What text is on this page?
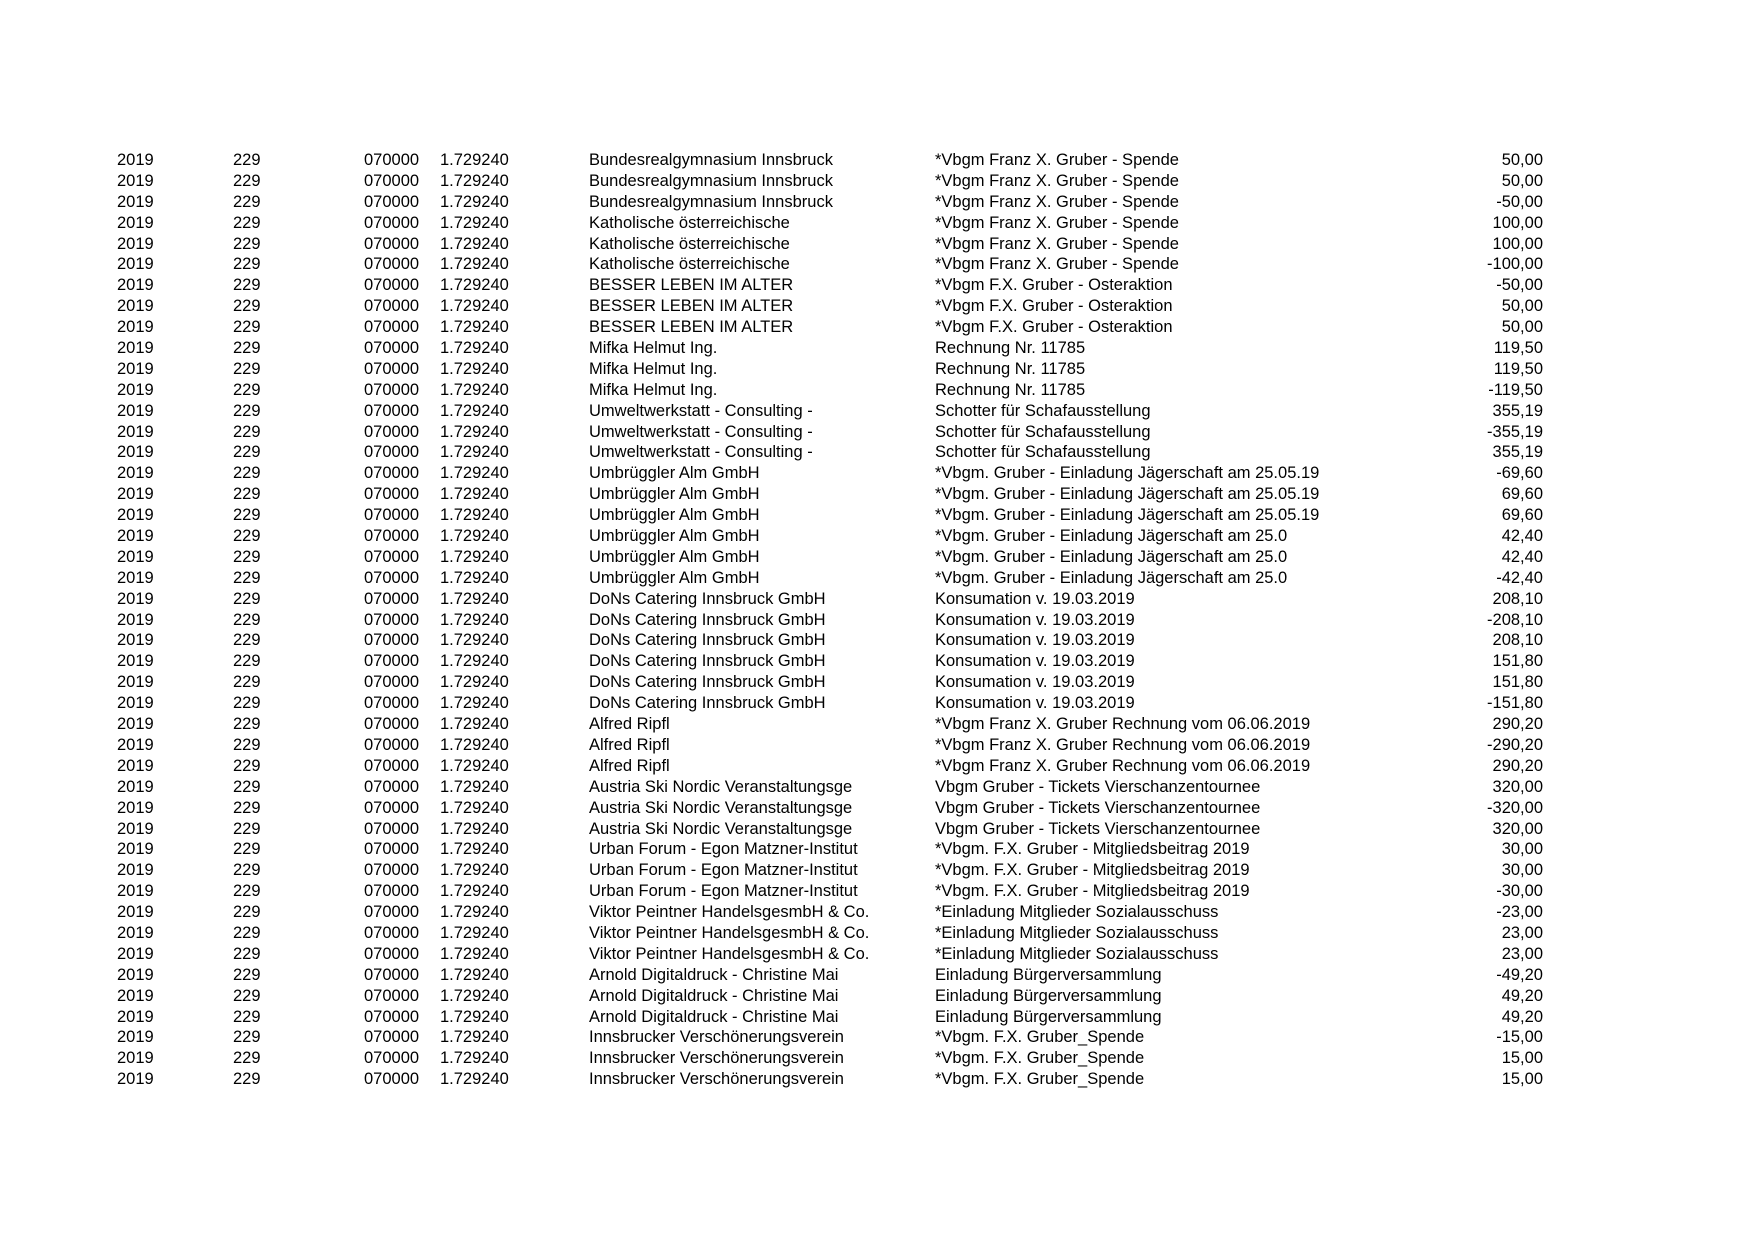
2019	229	070000 1.729240	Bundesrealgymnasium Innsbruck	*Vbgm Franz X. Gruber - Spende	50,00
2019	229	070000 1.729240	Bundesrealgymnasium Innsbruck	*Vbgm Franz X. Gruber - Spende	50,00
2019	229	070000 1.729240	Bundesrealgymnasium Innsbruck	*Vbgm Franz X. Gruber - Spende	-50,00
2019	229	070000 1.729240	Katholische österreichische	*Vbgm Franz X. Gruber - Spende	100,00
2019	229	070000 1.729240	Katholische österreichische	*Vbgm Franz X. Gruber - Spende	100,00
2019	229	070000 1.729240	Katholische österreichische	*Vbgm Franz X. Gruber - Spende	-100,00
2019	229	070000 1.729240	BESSER LEBEN IM ALTER	*Vbgm F.X. Gruber - Osteraktion	-50,00
2019	229	070000 1.729240	BESSER LEBEN IM ALTER	*Vbgm F.X. Gruber - Osteraktion	50,00
2019	229	070000 1.729240	BESSER LEBEN IM ALTER	*Vbgm F.X. Gruber - Osteraktion	50,00
2019	229	070000 1.729240	Mifka Helmut Ing.	Rechnung Nr. 11785	119,50
2019	229	070000 1.729240	Mifka Helmut Ing.	Rechnung Nr. 11785	119,50
2019	229	070000 1.729240	Mifka Helmut Ing.	Rechnung Nr. 11785	-119,50
2019	229	070000 1.729240	Umweltwerkstatt - Consulting -	Schotter für Schafausstellung	355,19
2019	229	070000 1.729240	Umweltwerkstatt - Consulting -	Schotter für Schafausstellung	-355,19
2019	229	070000 1.729240	Umweltwerkstatt - Consulting -	Schotter für Schafausstellung	355,19
2019	229	070000 1.729240	Umbrüggler Alm GmbH	*Vbgm. Gruber - Einladung Jägerschaft am 25.05.19	-69,60
2019	229	070000 1.729240	Umbrüggler Alm GmbH	*Vbgm. Gruber - Einladung Jägerschaft am 25.05.19	69,60
2019	229	070000 1.729240	Umbrüggler Alm GmbH	*Vbgm. Gruber - Einladung Jägerschaft am 25.05.19	69,60
2019	229	070000 1.729240	Umbrüggler Alm GmbH	*Vbgm. Gruber - Einladung Jägerschaft am 25.0	42,40
2019	229	070000 1.729240	Umbrüggler Alm GmbH	*Vbgm. Gruber - Einladung Jägerschaft am 25.0	42,40
2019	229	070000 1.729240	Umbrüggler Alm GmbH	*Vbgm. Gruber - Einladung Jägerschaft am 25.0	-42,40
2019	229	070000 1.729240	DoNs Catering Innsbruck GmbH	Konsumation v. 19.03.2019	208,10
2019	229	070000 1.729240	DoNs Catering Innsbruck GmbH	Konsumation v. 19.03.2019	-208,10
2019	229	070000 1.729240	DoNs Catering Innsbruck GmbH	Konsumation v. 19.03.2019	208,10
2019	229	070000 1.729240	DoNs Catering Innsbruck GmbH	Konsumation v. 19.03.2019	151,80
2019	229	070000 1.729240	DoNs Catering Innsbruck GmbH	Konsumation v. 19.03.2019	151,80
2019	229	070000 1.729240	DoNs Catering Innsbruck GmbH	Konsumation v. 19.03.2019	-151,80
2019	229	070000 1.729240	Alfred Ripfl	*Vbgm Franz X. Gruber Rechnung vom 06.06.2019	290,20
2019	229	070000 1.729240	Alfred Ripfl	*Vbgm Franz X. Gruber Rechnung vom 06.06.2019	-290,20
2019	229	070000 1.729240	Alfred Ripfl	*Vbgm Franz X. Gruber Rechnung vom 06.06.2019	290,20
2019	229	070000 1.729240	Austria Ski Nordic Veranstaltungsge	Vbgm Gruber - Tickets Vierschanzentournee	320,00
2019	229	070000 1.729240	Austria Ski Nordic Veranstaltungsge	Vbgm Gruber - Tickets Vierschanzentournee	-320,00
2019	229	070000 1.729240	Austria Ski Nordic Veranstaltungsge	Vbgm Gruber - Tickets Vierschanzentournee	320,00
2019	229	070000 1.729240	Urban Forum - Egon Matzner-Institut	*Vbgm. F.X. Gruber - Mitgliedsbeitrag 2019	30,00
2019	229	070000 1.729240	Urban Forum - Egon Matzner-Institut	*Vbgm. F.X. Gruber - Mitgliedsbeitrag 2019	30,00
2019	229	070000 1.729240	Urban Forum - Egon Matzner-Institut	*Vbgm. F.X. Gruber - Mitgliedsbeitrag 2019	-30,00
2019	229	070000 1.729240	Viktor Peintner HandelsgesmbH & Co.	*Einladung Mitglieder Sozialausschuss	-23,00
2019	229	070000 1.729240	Viktor Peintner HandelsgesmbH & Co.	*Einladung Mitglieder Sozialausschuss	23,00
2019	229	070000 1.729240	Viktor Peintner HandelsgesmbH & Co.	*Einladung Mitglieder Sozialausschuss	23,00
2019	229	070000 1.729240	Arnold Digitaldruck - Christine Mai	Einladung Bürgerversammlung	-49,20
2019	229	070000 1.729240	Arnold Digitaldruck - Christine Mai	Einladung Bürgerversammlung	49,20
2019	229	070000 1.729240	Arnold Digitaldruck - Christine Mai	Einladung Bürgerversammlung	49,20
2019	229	070000 1.729240	Innsbrucker Verschönerungsverein	*Vbgm. F.X. Gruber_Spende	-15,00
2019	229	070000 1.729240	Innsbrucker Verschönerungsverein	*Vbgm. F.X. Gruber_Spende	15,00
2019	229	070000 1.729240	Innsbrucker Verschönerungsverein	*Vbgm. F.X. Gruber_Spende	15,00
